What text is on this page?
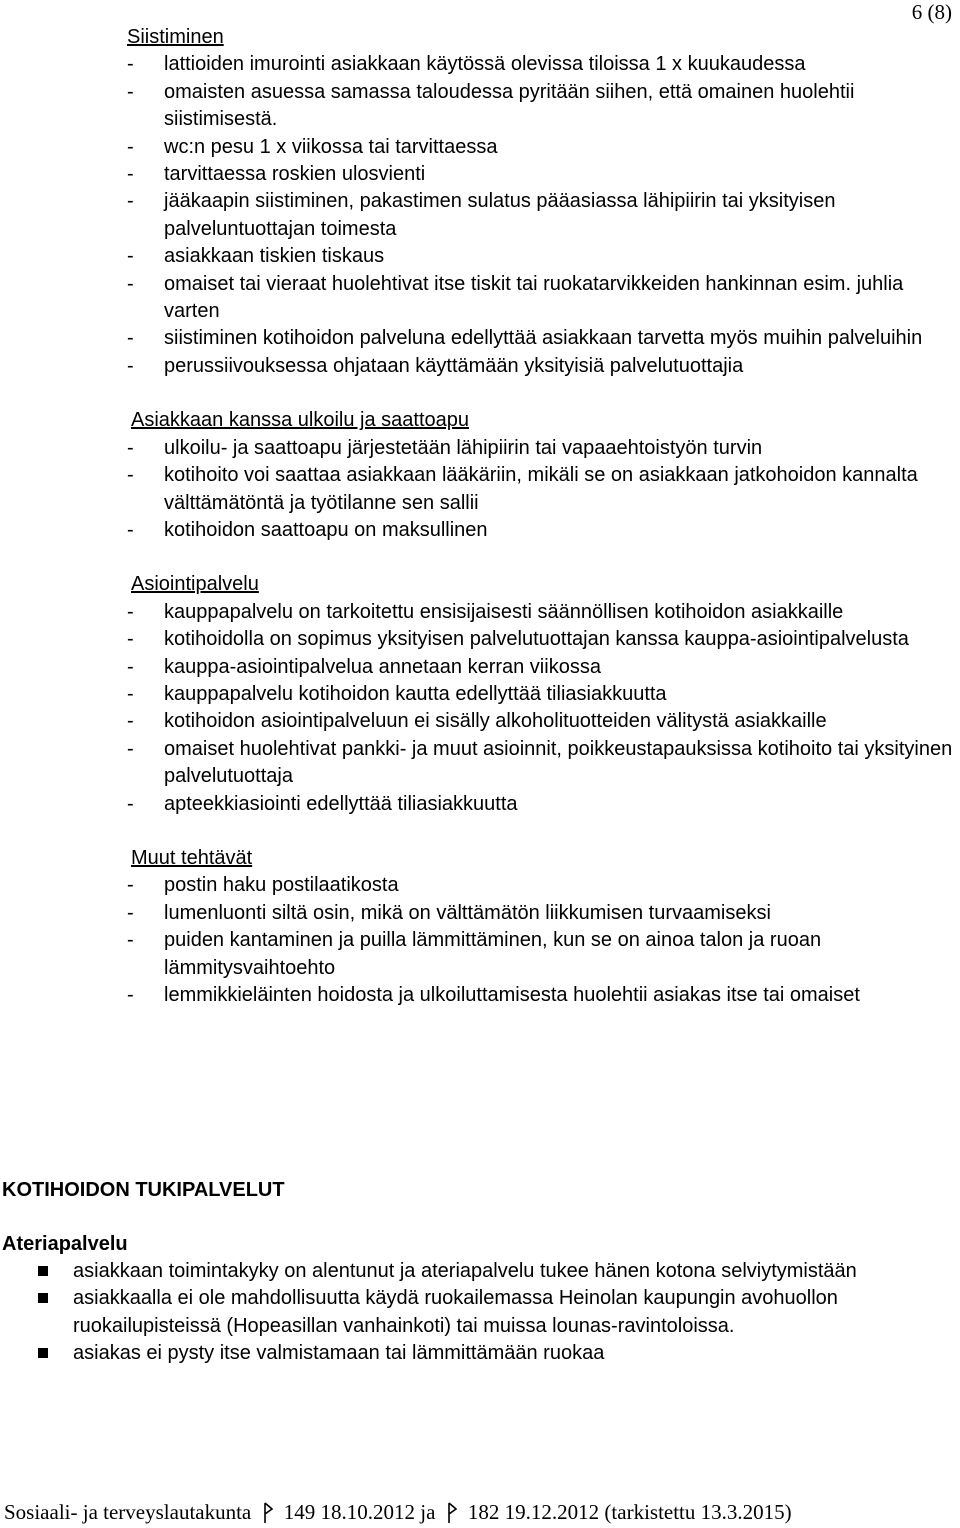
6 (8)
Siistiminen
- lattioiden imurointi asiakkaan käytössä olevissa tiloissa 1 x kuukaudessa
- omaisten asuessa samassa taloudessa pyritään siihen, että omainen huolehtii siistimisestä.
- wc:n pesu 1 x viikossa tai tarvittaessa
- tarvittaessa roskien ulosvienti
- jääkaapin siistiminen, pakastimen sulatus pääasiassa lähipiirin tai yksityisen palveluntuottajan toimesta
- asiakkaan tiskien tiskaus
- omaiset tai vieraat huolehtivat itse tiskit tai ruokatarvikkeiden hankinnan esim. juhlia varten
- siistiminen kotihoidon palveluna edellyttää asiakkaan tarvetta myös muihin palveluihin
- perussiivouksessa ohjataan käyttämään yksityisiä palvelutuottajia
Asiakkaan kanssa ulkoilu ja saattoapu
- ulkoilu- ja saattoapu järjestetään lähipiirin tai vapaaehtoistyön turvin
- kotihoito voi saattaa asiakkaan lääkäriin, mikäli se on asiakkaan jatkohoidon kannalta välttämätöntä ja työtilanne sen sallii
- kotihoidon saattoapu on maksullinen
Asiointipalvelu
- kauppapalvelu on tarkoitettu ensisijaisesti säännöllisen kotihoidon asiakkaille
- kotihoidolla on sopimus yksityisen palvelutuottajan kanssa kauppa-asiointipalvelusta
- kauppa-asiointipalvelua annetaan kerran viikossa
- kauppapalvelu kotihoidon kautta edellyttää tiliasiakkuutta
- kotihoidon asiointipalveluun ei sisälly alkoholituotteiden välitystä asiakkaille
- omaiset huolehtivat pankki- ja muut asioinnit, poikkeustapauksissa kotihoito tai yksityinen palvelutuottaja
- apteekkiasiointi edellyttää tiliasiakkuutta
Muut tehtävät
- postin haku postilaatikosta
- lumenluonti siltä osin, mikä on välttämätön liikkumisen turvaamiseksi
- puiden kantaminen ja puilla lämmittäminen, kun se on ainoa talon ja ruoan lämmitysvaihtoehto
- lemmikkieläinten hoidosta ja ulkoiluttamisesta huolehtii asiakas itse tai omaiset
KOTIHOIDON TUKIPALVELUT
Ateriapalvelu
asiakkaan toimintakyky on alentunut ja ateriapalvelu tukee hänen kotona selviytymistään
asiakkaalla ei ole mahdollisuutta käydä ruokailemassa Heinolan kaupungin avohuollon ruokailupisteissä (Hopeasillan vanhainkoti) tai muissa lounas-ravintoloissa.
asiakas ei pysty itse valmistamaan tai lämmittämään ruokaa
Sosiaali- ja terveyslautakunta 149 18.10.2012 ja 182 19.12.2012 (tarkistettu 13.3.2015)
